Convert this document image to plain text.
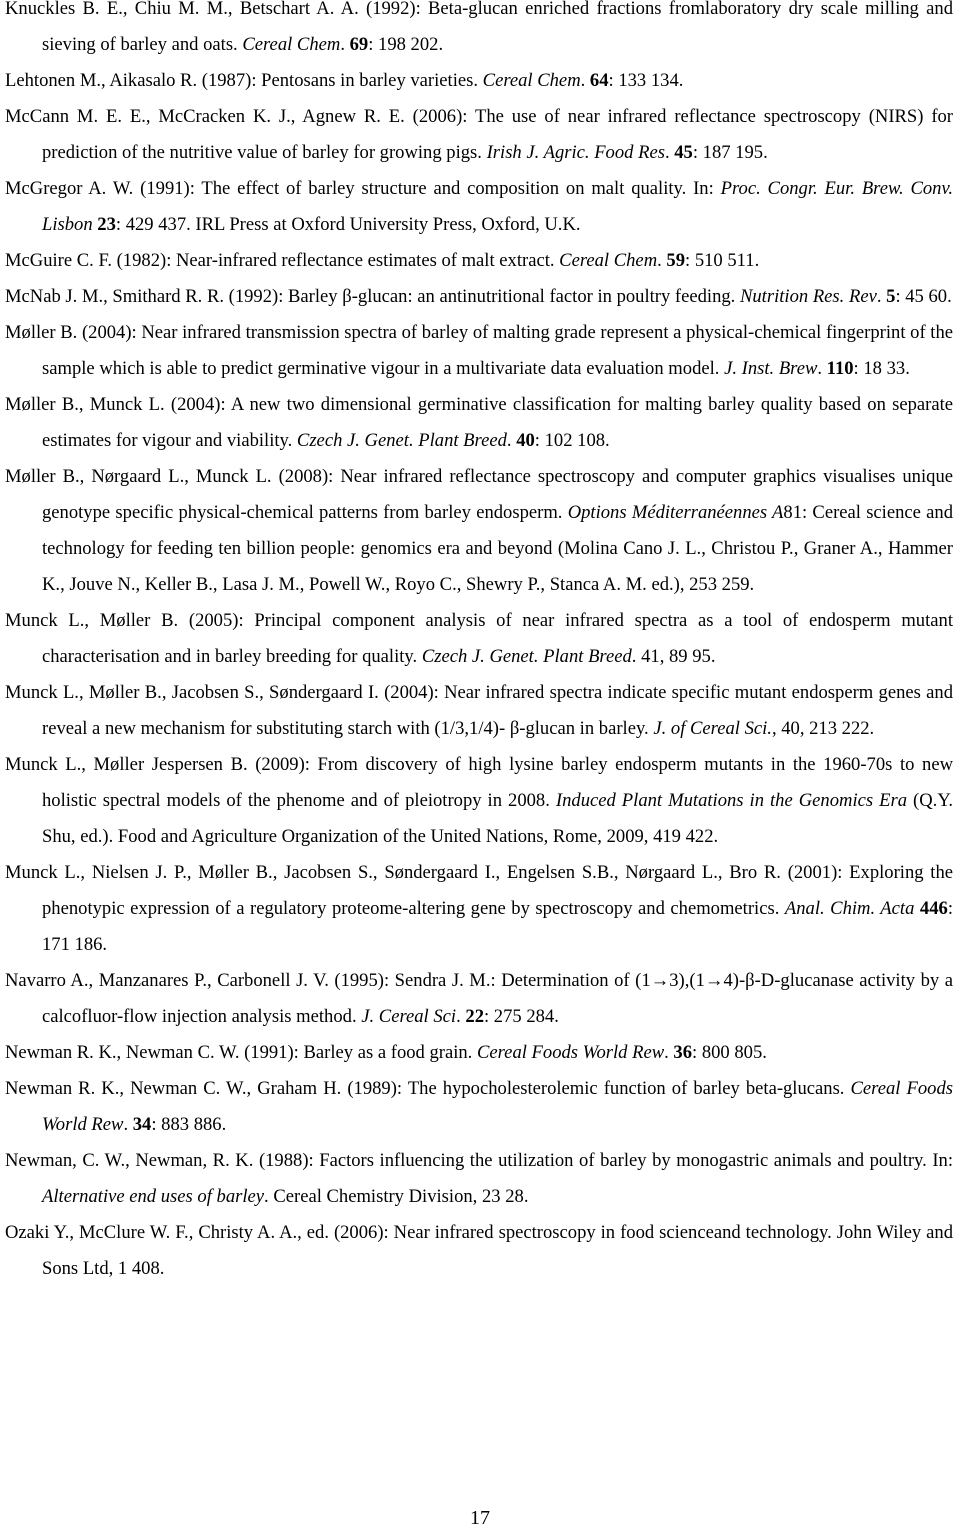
Knuckles B. E., Chiu M. M., Betschart A. A. (1992): Beta-glucan enriched fractions fromlaboratory dry scale milling and sieving of barley and oats. Cereal Chem. 69: 198 202.

Lehtonen M., Aikasalo R. (1987): Pentosans in barley varieties. Cereal Chem. 64: 133 134.

McCann M. E. E., McCracken K. J., Agnew R. E. (2006): The use of near infrared reflectance spectroscopy (NIRS) for prediction of the nutritive value of barley for growing pigs. Irish J. Agric. Food Res. 45: 187 195.

McGregor A. W. (1991): The effect of barley structure and composition on malt quality. In: Proc. Congr. Eur. Brew. Conv. Lisbon 23: 429 437. IRL Press at Oxford University Press, Oxford, U.K.

McGuire C. F. (1982): Near-infrared reflectance estimates of malt extract. Cereal Chem. 59: 510 511.

McNab J. M., Smithard R. R. (1992): Barley β-glucan: an antinutritional factor in poultry feeding. Nutrition Res. Rev. 5: 45 60.

Møller B. (2004): Near infrared transmission spectra of barley of malting grade represent a physical-chemical fingerprint of the sample which is able to predict germinative vigour in a multivariate data evaluation model. J. Inst. Brew. 110: 18 33.

Møller B., Munck L. (2004): A new two dimensional germinative classification for malting barley quality based on separate estimates for vigour and viability. Czech J. Genet. Plant Breed. 40: 102 108.

Møller B., Nørgaard L., Munck L. (2008): Near infrared reflectance spectroscopy and computer graphics visualises unique genotype specific physical-chemical patterns from barley endosperm. Options Méditerranéennes A81: Cereal science and technology for feeding ten billion people: genomics era and beyond (Molina Cano J. L., Christou P., Graner A., Hammer K., Jouve N., Keller B., Lasa J. M., Powell W., Royo C., Shewry P., Stanca A. M. ed.), 253 259.

Munck L., Møller B. (2005): Principal component analysis of near infrared spectra as a tool of endosperm mutant characterisation and in barley breeding for quality. Czech J. Genet. Plant Breed. 41, 89 95.

Munck L., Møller B., Jacobsen S., Søndergaard I. (2004): Near infrared spectra indicate specific mutant endosperm genes and reveal a new mechanism for substituting starch with (1/3,1/4)- β-glucan in barley. J. of Cereal Sci., 40, 213 222.

Munck L., Møller Jespersen B. (2009): From discovery of high lysine barley endosperm mutants in the 1960-70s to new holistic spectral models of the phenome and of pleiotropy in 2008. Induced Plant Mutations in the Genomics Era (Q.Y. Shu, ed.). Food and Agriculture Organization of the United Nations, Rome, 2009, 419 422.

Munck L., Nielsen J. P., Møller B., Jacobsen S., Søndergaard I., Engelsen S.B., Nørgaard L., Bro R. (2001): Exploring the phenotypic expression of a regulatory proteome-altering gene by spectroscopy and chemometrics. Anal. Chim. Acta 446: 171 186.

Navarro A., Manzanares P., Carbonell J. V. (1995): Sendra J. M.: Determination of (1→3),(1→4)-β-D-glucanase activity by a calcofluor-flow injection analysis method. J. Cereal Sci. 22: 275 284.

Newman R. K., Newman C. W. (1991): Barley as a food grain. Cereal Foods World Rew. 36: 800 805.

Newman R. K., Newman C. W., Graham H. (1989): The hypocholesterolemic function of barley beta-glucans. Cereal Foods World Rew. 34: 883 886.

Newman, C. W., Newman, R. K. (1988): Factors influencing the utilization of barley by monogastric animals and poultry. In: Alternative end uses of barley. Cereal Chemistry Division, 23 28.

Ozaki Y., McClure W. F., Christy A. A., ed. (2006): Near infrared spectroscopy in food scienceand technology. John Wiley and Sons Ltd, 1 408.

17
